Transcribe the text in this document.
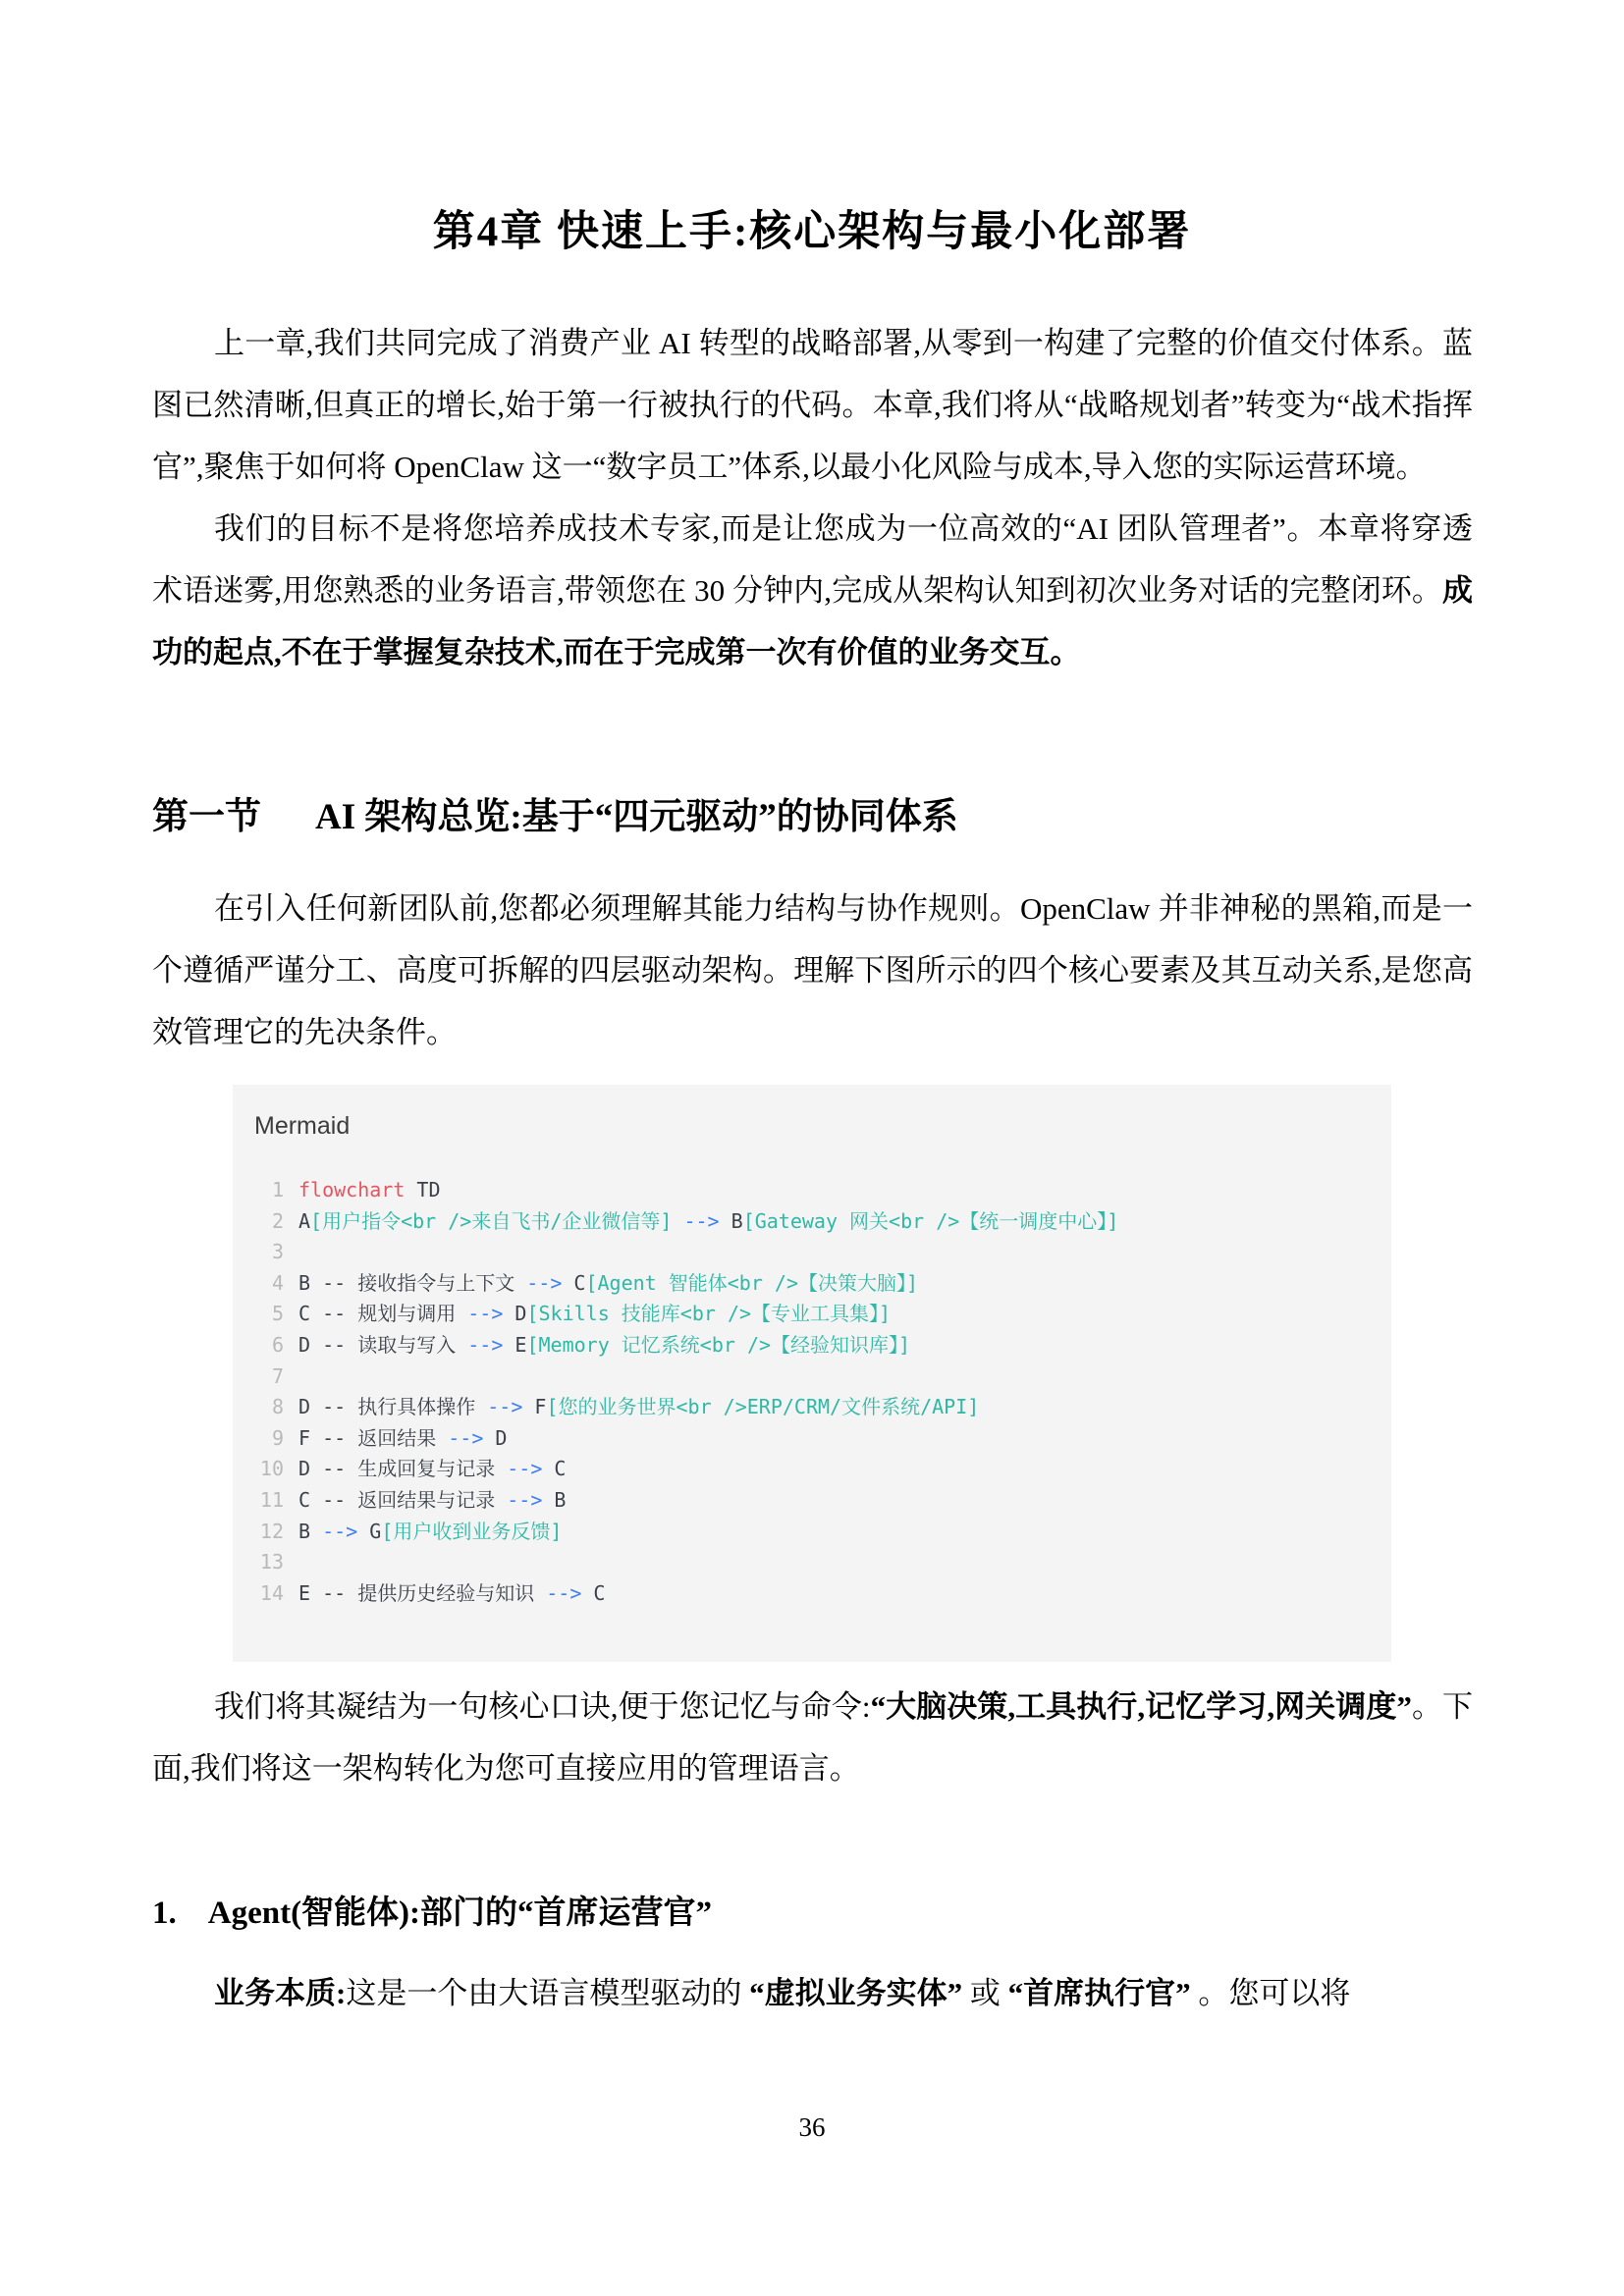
第4章 快速上手:核心架构与最小化部署

上一章,我们共同完成了消费产业 AI 转型的战略部署,从零到一构建了完整的价值交付体系。蓝图已然清晰,但真正的增长,始于第一行被执行的代码。本章,我们将从“战略规划者”转变为“战术指挥官”,聚焦于如何将 OpenClaw 这一“数字员工”体系,以最小化风险与成本,导入您的实际运营环境。

我们的目标不是将您培养成技术专家,而是让您成为一位高效的“AI 团队管理者”。本章将穿透术语迷雾,用您熟悉的业务语言,带领您在 30 分钟内,完成从架构认知到初次业务对话的完整闭环。成功的起点,不在于掌握复杂技术,而在于完成第一次有价值的业务交互。

第一节 AI 架构总览:基于“四元驱动”的协同体系

在引入任何新团队前,您都必须理解其能力结构与协作规则。OpenClaw 并非神秘的黑箱,而是一个遵循严谨分工、高度可拆解的四层驱动架构。理解下图所示的四个核心要素及其互动关系,是您高效管理它的先决条件。

Mermaid
1 flowchart TD
2 A[用户指令<br />来自飞书/企业微信等] --> B[Gateway 网关<br />【统一调度中心】]
3

4 B -- 接收指令与上下文 --> C[Agent 智能体<br />【决策大脑】]
5 C -- 规划与调用 --> D[Skills 技能库<br />【专业工具集】]
6 D -- 读取与写入 --> E[Memory 记忆系统<br />【经验知识库】]
7

8 D -- 执行具体操作 --> F[您的业务世界<br />ERP/CRM/文件系统/API]
9 F -- 返回结果 --> D
10 D -- 生成回复与记录 --> C
11 C -- 返回结果与记录 --> B
12 B --> G[用户收到业务反馈]
13

14 E -- 提供历史经验与知识 --> C

我们将其凝结为一句核心口诀,便于您记忆与命令:“大脑决策,工具执行,记忆学习,网关调度”。下面,我们将这一架构转化为您可直接应用的管理语言。

1. Agent(智能体):部门的“首席运营官”

业务本质:这是一个由大语言模型驱动的 “虚拟业务实体” 或 “首席执行官” 。您可以将

36
